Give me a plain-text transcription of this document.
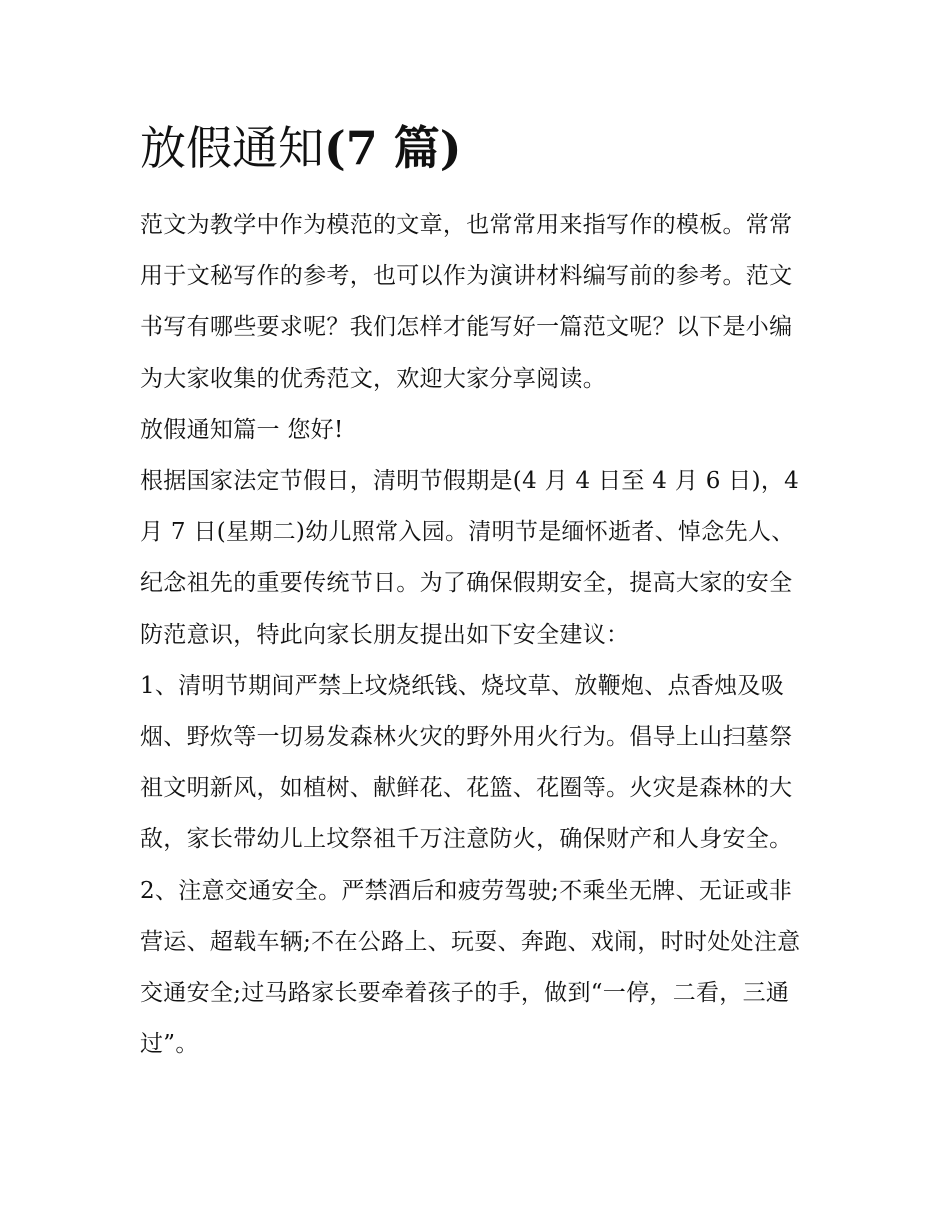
放假通知(7 篇)

范文为教学中作为模范的文章，也常常用来指写作的模板。常常用于文秘写作的参考，也可以作为演讲材料编写前的参考。范文书写有哪些要求呢？我们怎样才能写好一篇范文呢？以下是小编为大家收集的优秀范文，欢迎大家分享阅读。

放假通知篇一 您好!

根据国家法定节假日，清明节假期是(4 月 4 日至 4 月 6 日)，4 月 7 日(星期二)幼儿照常入园。清明节是缅怀逝者、悼念先人、纪念祖先的重要传统节日。为了确保假期安全，提高大家的安全防范意识，特此向家长朋友提出如下安全建议：

1、清明节期间严禁上坟烧纸钱、烧坟草、放鞭炮、点香烛及吸烟、野炊等一切易发森林火灾的野外用火行为。倡导上山扫墓祭祖文明新风，如植树、献鲜花、花篮、花圈等。火灾是森林的大敌，家长带幼儿上坟祭祖千万注意防火，确保财产和人身安全。

2、注意交通安全。严禁酒后和疲劳驾驶;不乘坐无牌、无证或非营运、超载车辆;不在公路上、玩耍、奔跑、戏闹，时时处处注意交通安全;过马路家长要牵着孩子的手，做到“一停，二看，三通过”。
